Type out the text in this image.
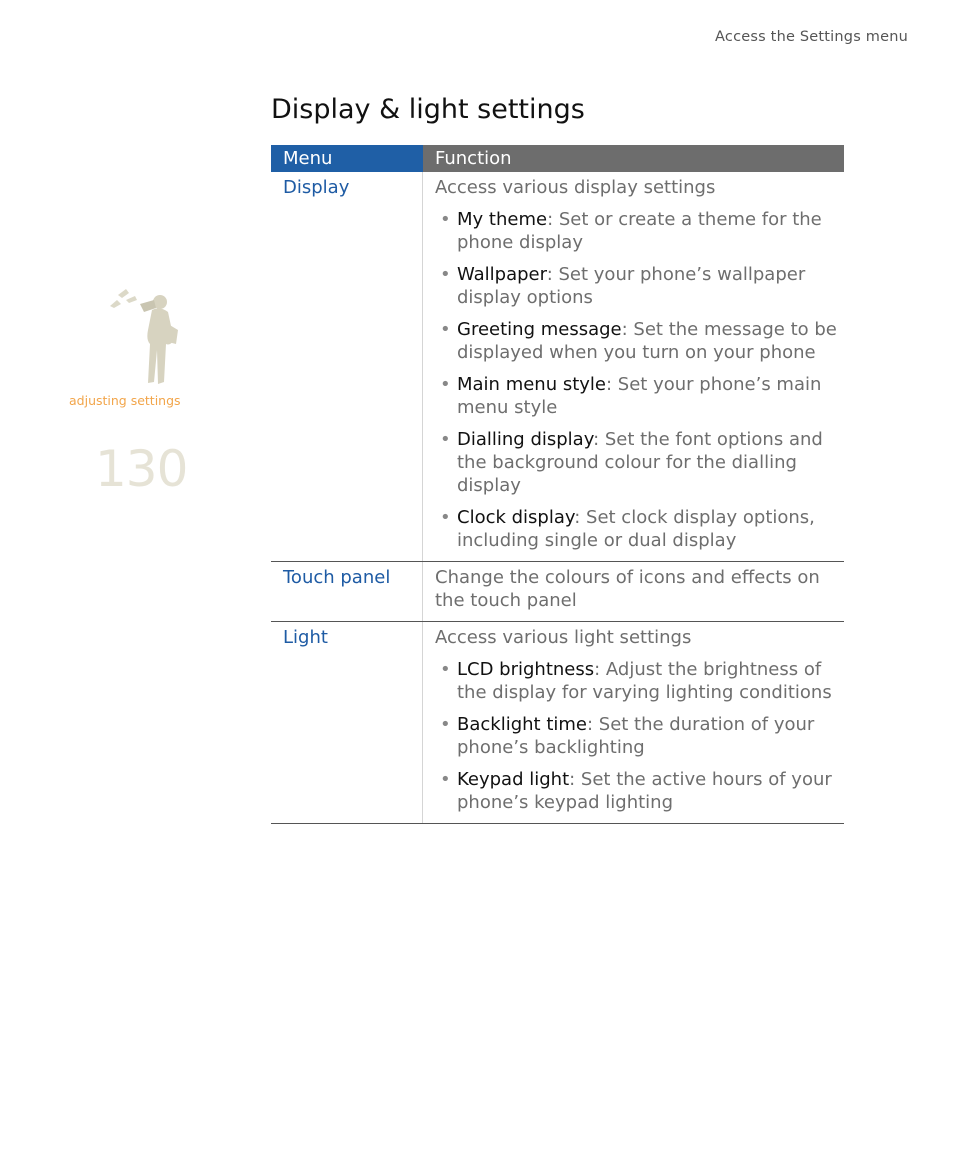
Access the Settings menu
Display & light settings
adjusting settings
130
Menu	Function
Display	Access various display settings

• My theme: Set or create a theme for the phone display
• Wallpaper: Set your phone’s wallpaper display options
• Greeting message: Set the message to be displayed when you turn on your phone
• Main menu style: Set your phone’s main menu style
• Dialling display: Set the font options and the background colour for the dialling display
• Clock display: Set clock display options, including single or dual display
Touch panel	Change the colours of icons and effects on the touch panel

Light	Access various light settings

• LCD brightness: Adjust the brightness of the display for varying lighting conditions
• Backlight time: Set the duration of your phone’s backlighting
• Keypad light: Set the active hours of your phone’s keypad lighting
